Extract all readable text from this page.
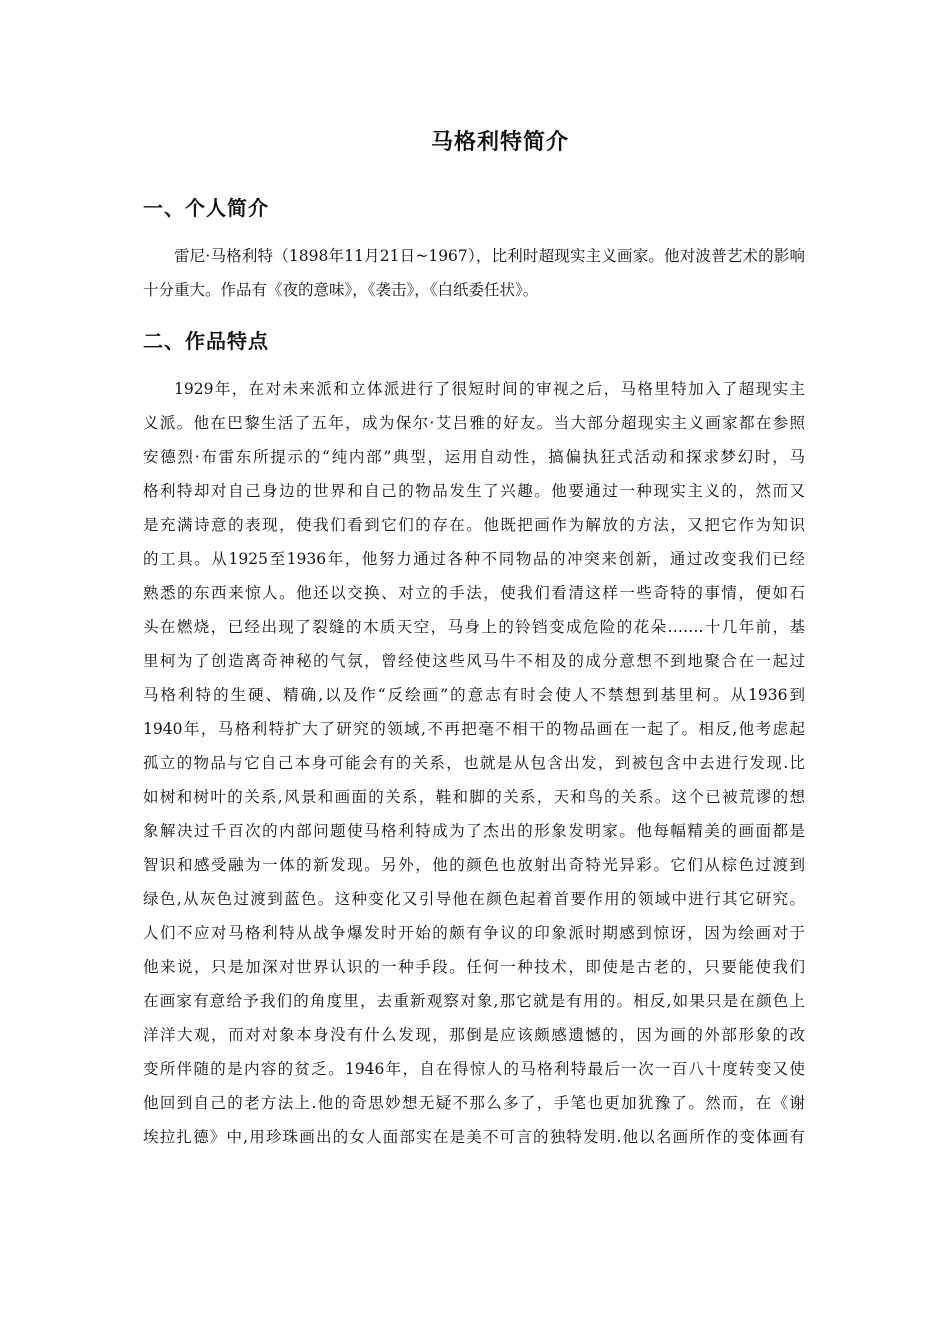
马格利特简介
一、个人简介

雷尼·马格利特（1898年11月21日~1967），比利时超现实主义画家。他对波普艺术的影响十分重大。作品有《夜的意味》，《袭击》，《白纸委任状》。

二、作品特点
1929年，在对未来派和立体派进行了很短时间的审视之后，马格里特加入了超现实主
义派。他在巴黎生活了五年，成为保尔·艾吕雅的好友。当大部分超现实主义画家都在参照
安德烈·布雷东所提示的“纯内部”典型，运用自动性，搞偏执狂式活动和探求梦幻时，马
格利特却对自己身边的世界和自己的物品发生了兴趣。他要通过一种现实主义的，然而又
是充满诗意的表现，使我们看到它们的存在。他既把画作为解放的方法，又把它作为知识
的工具。从1925至1936年，他努力通过各种不同物品的冲突来创新，通过改变我们已经
熟悉的东西来惊人。他还以交换、对立的手法，使我们看清这样一些奇特的事情，便如石
头在燃烧，已经出现了裂缝的木质天空，马身上的铃铛变成危险的花朵…….十几年前，基
里柯为了创造离奇神秘的气氛，曾经使这些风马牛不相及的成分意想不到地聚合在一起过
马格利特的生硬、精确,以及作“反绘画”的意志有时会使人不禁想到基里柯。从1936到
1940年，马格利特扩大了研究的领域,不再把毫不相干的物品画在一起了。相反,他考虑起
孤立的物品与它自己本身可能会有的关系，也就是从包含出发，到被包含中去进行发现.比
如树和树叶的关系,风景和画面的关系，鞋和脚的关系，天和鸟的关系。这个已被荒谬的想
象解决过千百次的内部问题使马格利特成为了杰出的形象发明家。他每幅精美的画面都是
智识和感受融为一体的新发现。另外，他的颜色也放射出奇特光异彩。它们从棕色过渡到
绿色,从灰色过渡到蓝色。这种变化又引导他在颜色起着首要作用的领域中进行其它研究。
人们不应对马格利特从战争爆发时开始的颇有争议的印象派时期感到惊讶，因为绘画对于
他来说，只是加深对世界认识的一种手段。任何一种技术，即使是古老的，只要能使我们
在画家有意给予我们的角度里，去重新观察对象,那它就是有用的。相反,如果只是在颜色上
洋洋大观，而对对象本身没有什么发现，那倒是应该颇感遗憾的，因为画的外部形象的改
变所伴随的是内容的贫乏。1946年，自在得惊人的马格利特最后一次一百八十度转变又使
他回到自己的老方法上.他的奇思妙想无疑不那么多了，手笔也更加犹豫了。然而，在《谢
埃拉扎德》中,用珍珠画出的女人面部实在是美不可言的独特发明.他以名画所作的变体画有
